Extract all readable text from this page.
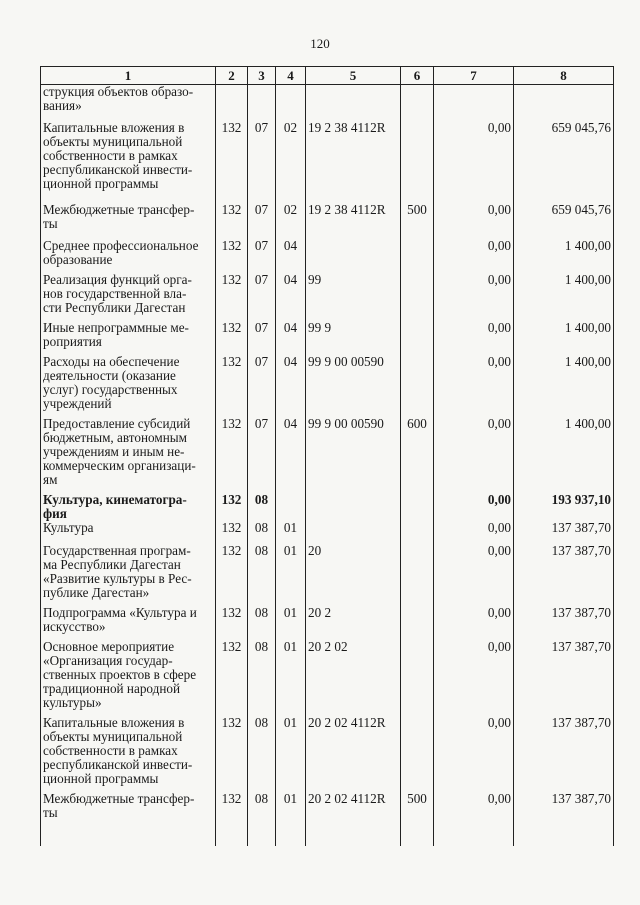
120
1	2	3	4	5	6	7	8
струкция объектов образо-
вания»							
Капитальные вложения в
объекты муниципальной
собственности в рамках
республиканской инвести-
ционной программы	132	07	02	19 2 38 4112R		0,00	659 045,76
Межбюджетные трансфер-
ты	132	07	02	19 2 38 4112R	500	0,00	659 045,76
Среднее профессиональное
образование	132	07	04			0,00	1 400,00
Реализация функций орга-
нов государственной вла-
сти Республики Дагестан	132	07	04	99		0,00	1 400,00
Иные непрограммные ме-
роприятия	132	07	04	99 9		0,00	1 400,00
Расходы на обеспечение
деятельности (оказание
услуг) государственных
учреждений	132	07	04	99 9 00 00590		0,00	1 400,00
Предоставление субсидий
бюджетным, автономным
учреждениям и иным не-
коммерческим организаци-
ям	132	07	04	99 9 00 00590	600	0,00	1 400,00
Культура, кинематогра-
фия	132	08				0,00	193 937,10
Культура	132	08	01			0,00	137 387,70
Государственная програм-
ма Республики Дагестан
«Развитие культуры в Рес-
публике Дагестан»	132	08	01	20		0,00	137 387,70
Подпрограмма «Культура и
искусство»	132	08	01	20 2		0,00	137 387,70
Основное мероприятие
«Организация государ-
ственных проектов в сфере
традиционной народной
культуры»	132	08	01	20 2 02		0,00	137 387,70
Капитальные вложения в
объекты муниципальной
собственности в рамках
республиканской инвести-
ционной программы	132	08	01	20 2 02 4112R		0,00	137 387,70
Межбюджетные трансфер-
ты	132	08	01	20 2 02 4112R	500	0,00	137 387,70
